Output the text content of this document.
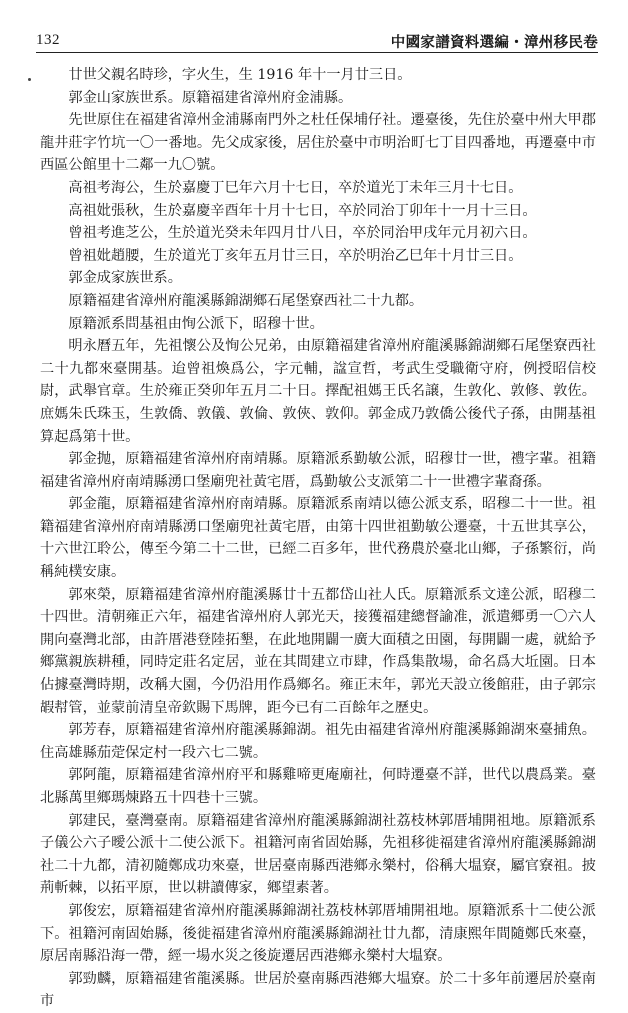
132	中國家譜資料選編・漳州移民卷

廿世父親名時珍，字火生，生 1916 年十一月廿三日。

郭金山家族世系。原籍福建省漳州府金浦縣。

先世原住在福建省漳州金浦縣南門外之杜任保埔仔社。遷臺後，先住於臺中州大甲郡龍井莊字竹坑一〇一番地。先父成家後，居住於臺中市明治町七丁目四番地，再遷臺中市西區公館里十二鄰一九〇號。

高祖考海公，生於嘉慶丁巳年六月十七日，卒於道光丁未年三月十七日。

高祖妣張秋，生於嘉慶辛酉年十月十七日，卒於同治丁卯年十一月十三日。

曾祖考進芝公，生於道光癸未年四月廿八日，卒於同治甲戌年元月初六日。

曾祖妣趙腰，生於道光丁亥年五月廿三日，卒於明治乙巳年十月廿三日。

郭金成家族世系。

原籍福建省漳州府龍溪縣錦湖鄉石尾堡寮西社二十九都。

原籍派系問基祖由恂公派下，昭穆十世。

明永曆五年，先祖懷公及恂公兄弟，由原籍福建省漳州府龍溪縣錦湖鄉石尾堡寮西社二十九都來臺開基。迨曾祖煥爲公，字元輔，諡宣哲，考武生受職衛守府，例授昭信校尉，武舉官章。生於雍正癸卯年五月二十日。擇配祖媽王氏名譲，生敦化、敦修、敦佐。庶媽朱氏珠玉，生敦僑、敦儀、敦倫、敦俠、敦仰。郭金成乃敦僑公後代子孫，由開基祖算起爲第十世。

郭金抛，原籍福建省漳州府南靖縣。原籍派系勤敏公派，昭穆廿一世，禮字輩。祖籍福建省漳州府南靖縣湧口堡廟兜社黃宅厝，爲勤敏公支派第二十一世禮字輩裔孫。

郭金龍，原籍福建省漳州府南靖縣。原籍派系南靖以德公派支系，昭穆二十一世。祖籍福建省漳州府南靖縣湧口堡廟兜社黃宅厝，由第十四世祖勤敏公遷臺，十五世其享公，十六世江聆公，傳至今第二十二世，已經二百多年，世代務農於臺北山鄉，子孫繁衍，尚稱純樸安康。

郭來榮，原籍福建省漳州府龍溪縣廿十五都岱山社人氏。原籍派系文達公派，昭穆二十四世。清朝雍正六年，福建省漳州府人郭光天，接獲福建總督諭准，派遣郷勇一〇六人開向臺灣北部，由許厝港登陸拓墾，在此地開闢一廣大面積之田園，每開闢一處，就給予鄉黨親族耕種，同時定莊名定居，並在其間建立市肆，作爲集散場，命名爲大坵園。日本佔據臺灣時期，改稱大園，今仍沿用作爲鄉名。雍正末年，郭光天設立後館莊，由子郭宗嘏幇管，並蒙前清皇帝欽賜下馬牌，距今已有二百餘年之歷史。

郭芳春，原籍福建省漳州府龍溪縣錦湖。祖先由福建省漳州府龍溪縣錦湖來臺捕魚。住高雄縣茄萣保定村一段六七二號。

郭阿龍，原籍福建省漳州府平和縣雞啼更庵廟社，何時遷臺不詳，世代以農爲業。臺北縣萬里鄉瑪煉路五十四巷十三號。

郭建民，臺灣臺南。原籍福建省漳州府龍溪縣錦湖社荔枝林郭厝埔開祖地。原籍派系子儀公六子曖公派十二使公派下。祖籍河南省固始縣，先祖移徙福建省漳州府龍溪縣錦湖社二十九都，清初隨鄭成功來臺，世居臺南縣西港鄉永樂村，俗稱大塭寮，屬官寮祖。披荊斬棘，以拓平原，世以耕讀傳家，鄉望素著。

郭俊宏，原籍福建省漳州府龍溪縣錦湖社荔枝林郭厝埔開祖地。原籍派系十二使公派下。祖籍河南固始縣，後徙福建省漳州府龍溪縣錦湖社廿九都，清康熙年間隨鄭氏來臺，原居南縣沿海一帶，經一場水災之後旋遷居西港鄉永樂村大塭寮。

郭勁麟，原籍福建省龍溪縣。世居於臺南縣西港鄉大塭寮。於二十多年前遷居於臺南市
